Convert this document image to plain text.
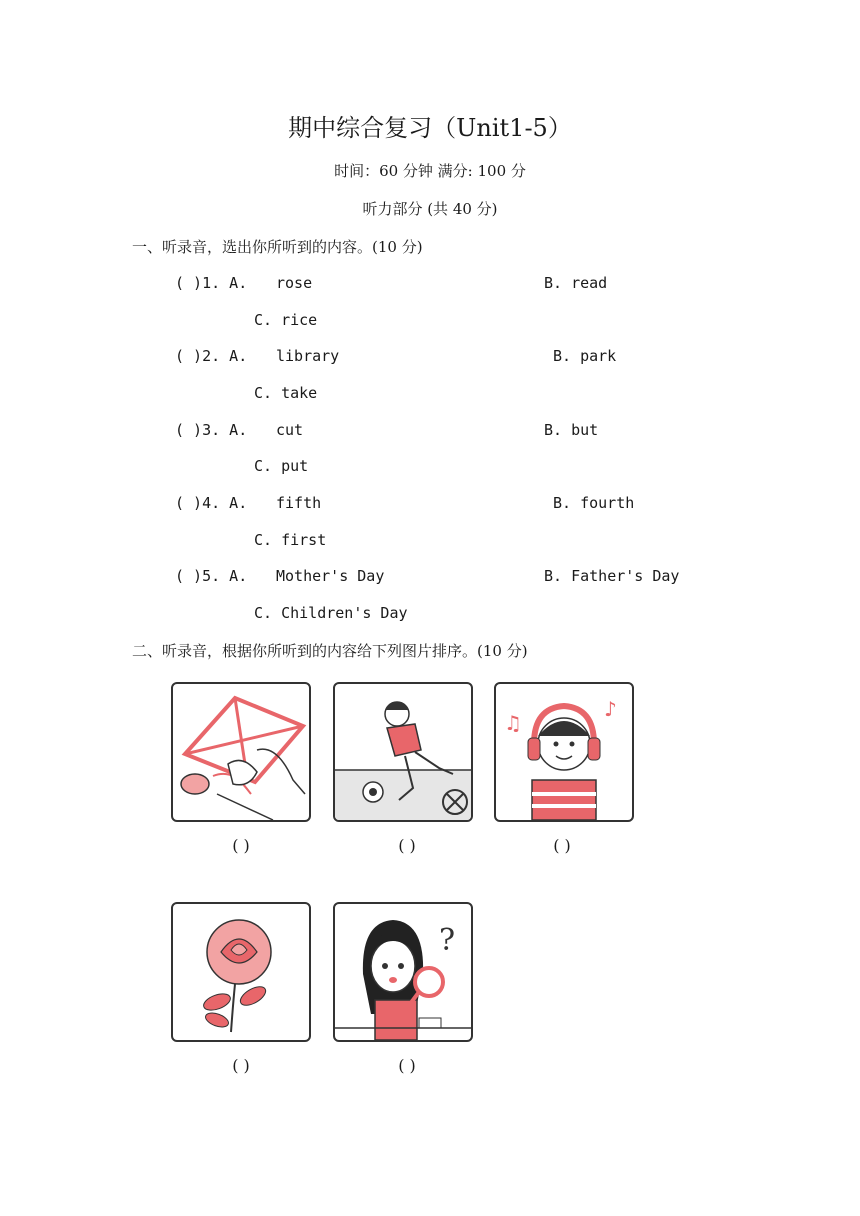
期中综合复习（Unit1-5）
时间：60 分钟 满分: 100 分
听力部分 (共 40 分)
一、听录音，选出你所听到的内容。(10 分)
( )1. A. rose	B. read
C. rice
( )2. A. library	B. park
C. take
( )3. A. cut	B. but
C. put
( )4. A. fifth	B. fourth
C. first
( )5. A. Mother's Day	B. Father's Day
C. Children's Day
二、听录音，根据你所听到的内容给下列图片排序。(10 分)
( )	( )
♫
♪
( )
( )
?
( )
